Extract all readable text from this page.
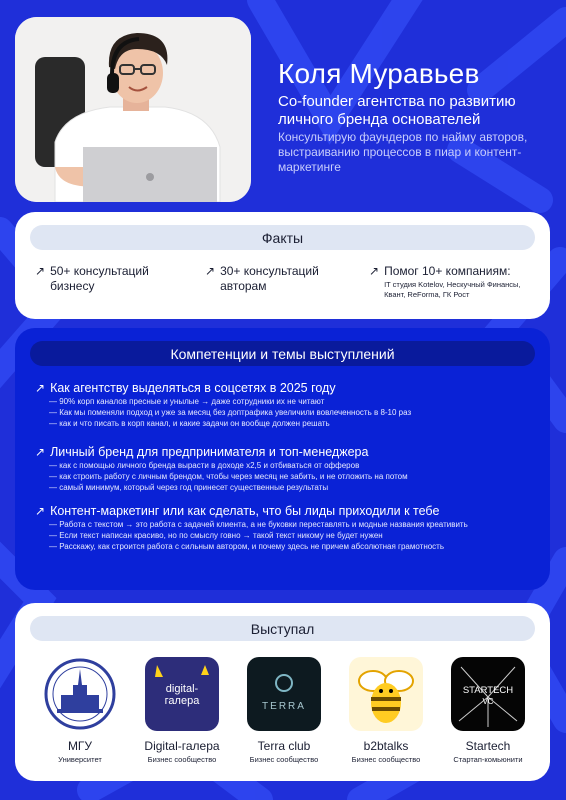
Коля Муравьев
Co-founder агентства по развитию личного бренда основателей
Консультирую фаундеров по найму авторов, выстраиванию процессов в пиар и контент-маркетинге
Факты
↗ 50+ консультаций бизнесу
↗ 30+ консультаций авторам
↗ Помог 10+ компаниям:
IT студия Kotelov, Нескучный Финансы, Квант, ReForma, ГК Рост
Компетенции и темы выступлений
↗ Как агентству выделяться в соцсетях в 2025 году
— 90% корп каналов пресные и унылые → даже сотрудники их не читают
— Как мы поменяли подход и уже за месяц без доптрафика увеличили вовлеченность в 8-10 раз
— как и что писать в корп канал, и какие задачи он вообще должен решать
↗ Личный бренд для предпринимателя и топ-менеджера
— как с помощью личного бренда вырасти в доходе х2,5 и отбиваться от офферов
— как строить работу с личным брендом, чтобы через месяц не забить, и не отложить на потом
— самый минимум, который через год принесет существенные результаты
↗ Контент-маркетинг или как сделать, что бы лиды приходили к тебе
— Работа с текстом → это работа с задачей клиента, а не буковки переставлять и модные названия креативить
— Если текст написан красиво, но по смыслу говно → такой текст никому не будет нужен
— Расскажу, как строится работа с сильным автором, и почему здесь не причем абсолютная грамотность
Выступал
МГУ
Университет
digital-
галера
Digital-галера
Бизнес сообщество
TERRA
Terra club
Бизнес сообщество
b2btalks
Бизнес сообщество
STARTECH
VC
Startech
Стартап-комьюнити
